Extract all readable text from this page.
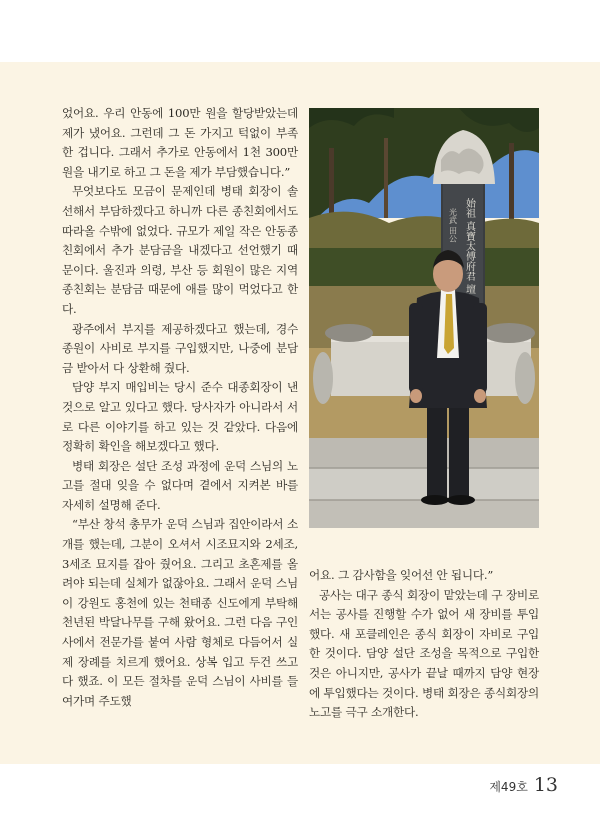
었어요. 우리 안동에 100만 원을 할당받았는데 제가 냈어요. 그런데 그 돈 가지고 턱없이 부족한 겁니다. 그래서 추가로 안동에서 1천 300만 원을 내기로 하고 그 돈을 제가 부담했습니다.”

무엇보다도 모금이 문제인데 병태 회장이 솔선해서 부담하겠다고 하니까 다른 종친회에서도 따라올 수밖에 없었다. 규모가 제일 작은 안동종친회에서 추가 분담금을 내겠다고 선언했기 때문이다. 울진과 의령, 부산 등 회원이 많은 지역종친회는 분담금 때문에 애를 많이 먹었다고 한다.

광주에서 부지를 제공하겠다고 했는데, 경수 종원이 사비로 부지를 구입했지만, 나중에 분담금 받아서 다 상환해 줬다.

담양 부지 매입비는 당시 준수 대종회장이 낸 것으로 알고 있다고 했다. 당사자가 아니라서 서로 다른 이야기를 하고 있는 것 같았다. 다음에 정확히 확인을 해보겠다고 했다.

병태 회장은 설단 조성 과정에 운덕 스님의 노고를 절대 잊을 수 없다며 곁에서 지켜본 바를 자세히 설명해 준다.

“부산 창석 총무가 운덕 스님과 집안이라서 소개를 했는데, 그분이 오셔서 시조묘지와 2세조, 3세조 묘지를 잡아 줬어요. 그리고 초혼제를 올려야 되는데 실체가 없잖아요. 그래서 운덕 스님이 강원도 홍천에 있는 천태종 신도에게 부탁해 천년된 박달나무를 구해 왔어요. 그런 다음 구인사에서 전문가를 붙여 사람 형체로 다듬어서 실제 장례를 치르게 했어요. 상복 입고 두건 쓰고 다 했죠. 이 모든 절차를 운덕 스님이 사비를 들여가며 주도했

始祖 真寶太傅府君 壇
光武 田公

어요. 그 감사함을 잊어선 안 됩니다.”

공사는 대구 종식 회장이 맡았는데 구 장비로서는 공사를 진행할 수가 없어 새 장비를 투입했다. 새 포클레인은 종식 회장이 자비로 구입한 것이다. 담양 설단 조성을 목적으로 구입한 것은 아니지만, 공사가 끝날 때까지 담양 현장에 투입했다는 것이다. 병태 회장은 종식회장의 노고를 극구 소개한다.

제49호 13
